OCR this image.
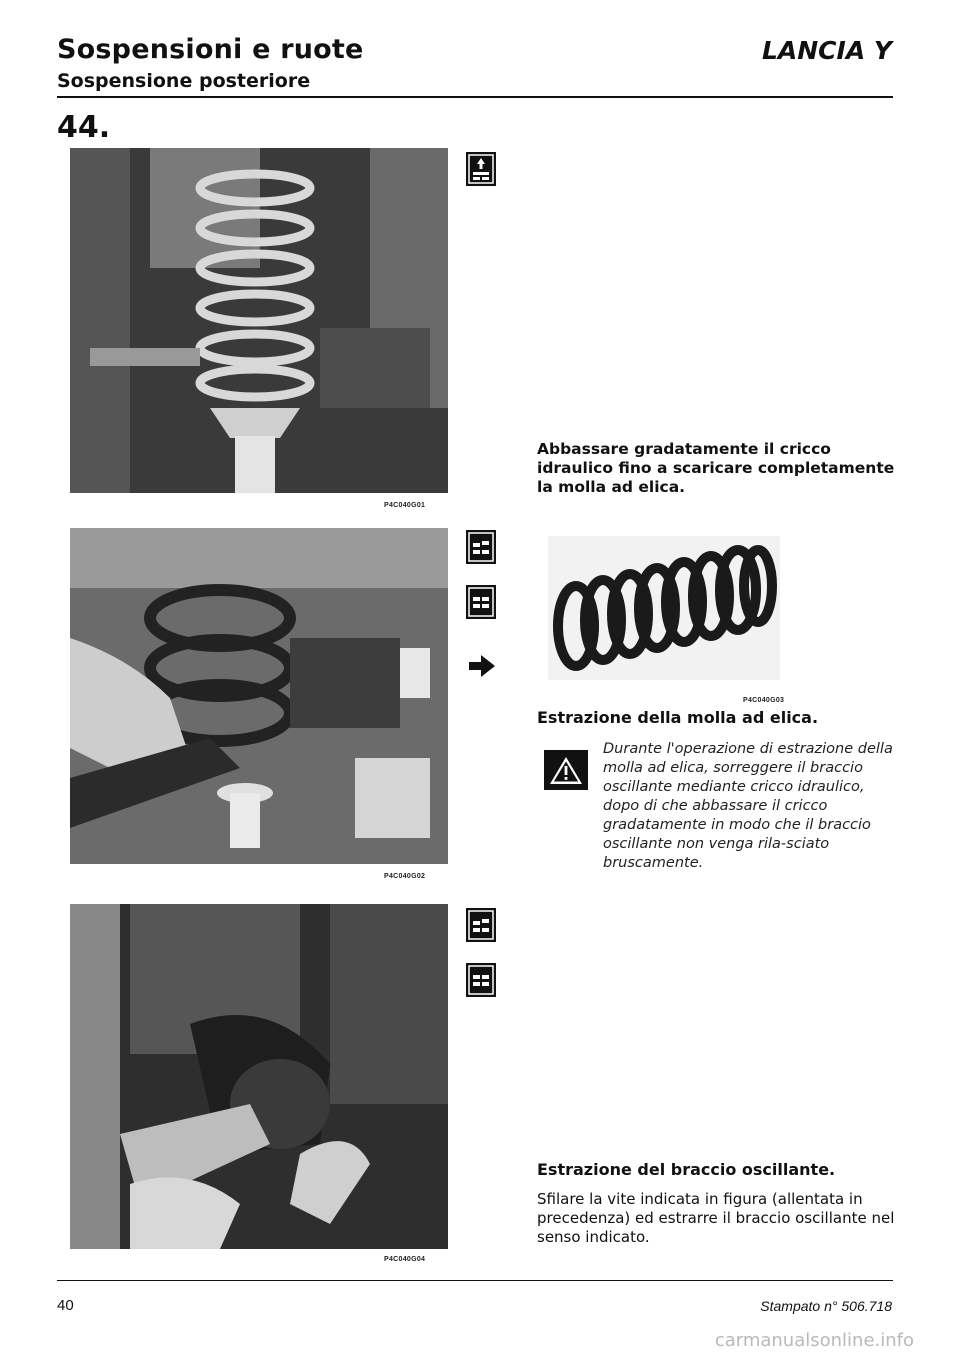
Sospensioni e ruote
Sospensione posteriore
LANCIA Y
44.
P4C040G01
Abbassare gradatamente il cricco idraulico fino a scaricare completamente la molla ad elica.
P4C040G02
P4C040G03
Estrazione della molla ad elica.
Durante l'operazione di estrazione della molla ad elica, sorreggere il braccio oscillante mediante cricco idraulico, dopo di che abbassare il cricco gradatamente in modo che il braccio oscillante non venga rila-sciato bruscamente.
P4C040G04
Estrazione del braccio oscillante.
Sfilare la vite indicata in figura (allentata in precedenza) ed estrarre il braccio oscillante nel senso indicato.
40	Stampato n° 506.718
carmanualsonline.info
